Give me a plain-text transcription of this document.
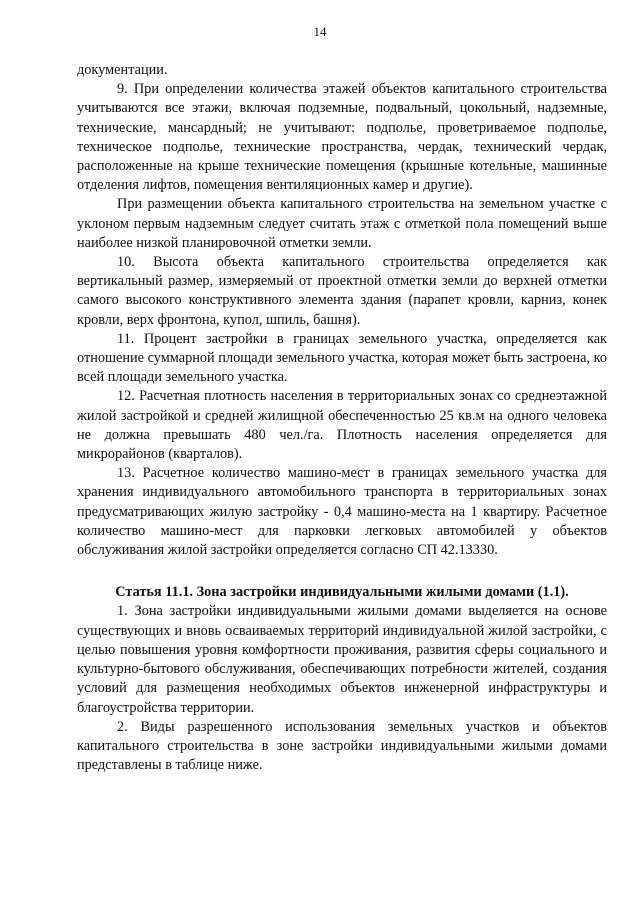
14

документации.

9. При определении количества этажей объектов капитального строительства учитываются все этажи, включая подземные, подвальный, цокольный, надземные, технические, мансардный; не учитывают: подполье, проветриваемое подполье, техническое подполье, технические пространства, чердак, технический чердак, расположенные на крыше технические помещения (крышные котельные, машинные отделения лифтов, помещения вентиляционных камер и другие).

При размещении объекта капитального строительства на земельном участке с уклоном первым надземным следует считать этаж с отметкой пола помещений выше наиболее низкой планировочной отметки земли.

10. Высота объекта капитального строительства определяется как вертикальный размер, измеряемый от проектной отметки земли до верхней отметки самого высокого конструктивного элемента здания (парапет кровли, карниз, конек кровли, верх фронтона, купол, шпиль, башня).

11. Процент застройки в границах земельного участка, определяется как отношение суммарной площади земельного участка, которая может быть застроена, ко всей площади земельного участка.

12. Расчетная плотность населения в территориальных зонах со среднеэтажной жилой застройкой и средней жилищной обеспеченностью 25 кв.м на одного человека не должна превышать 480 чел./га. Плотность населения определяется для микрорайонов (кварталов).

13. Расчетное количество машино-мест в границах земельного участка для хранения индивидуального автомобильного транспорта в территориальных зонах предусматривающих жилую застройку - 0,4 машино-места на 1 квартиру. Расчетное количество машино-мест для парковки легковых автомобилей у объектов обслуживания жилой застройки определяется согласно СП 42.13330.

Статья 11.1. Зона застройки индивидуальными жилыми домами (1.1).

1. Зона застройки индивидуальными жилыми домами выделяется на основе существующих и вновь осваиваемых территорий индивидуальной жилой застройки, с целью повышения уровня комфортности проживания, развития сферы социального и культурно-бытового обслуживания, обеспечивающих потребности жителей, создания условий для размещения необходимых объектов инженерной инфраструктуры и благоустройства территории.

2. Виды разрешенного использования земельных участков и объектов капитального строительства в зоне застройки индивидуальными жилыми домами представлены в таблице ниже.
